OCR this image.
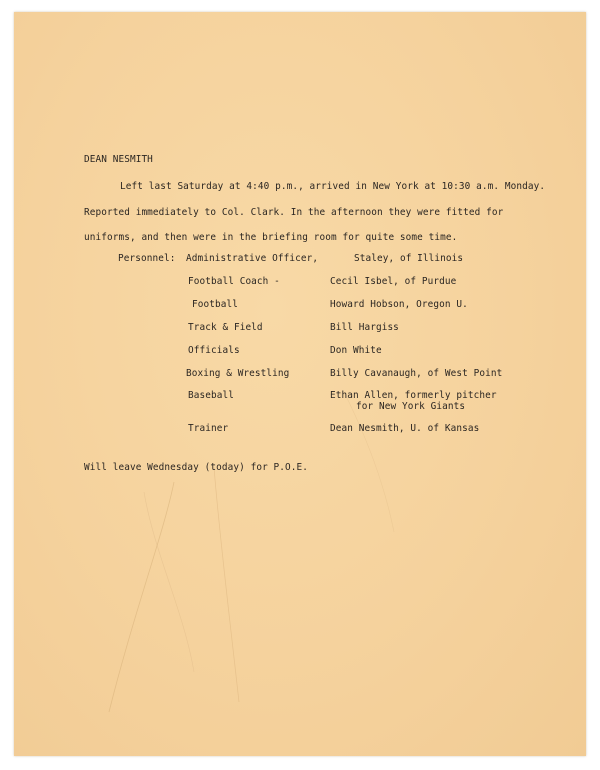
DEAN NESMITH
Left last Saturday at 4:40 p.m., arrived in New York at 10:30 a.m. Monday.
Reported immediately to Col. Clark. In the afternoon they were fitted for
uniforms, and then were in the briefing room for quite some time.
Personnel: Administrative Officer,	Staley, of Illinois
Football Coach -	Cecil Isbel, of Purdue
Football	Howard Hobson, Oregon U.
Track & Field	Bill Hargiss
Officials	Don White
Boxing & Wrestling	Billy Cavanaugh, of West Point
Baseball	Ethan Allen, formerly pitcher
for New York Giants
Trainer	Dean Nesmith, U. of Kansas
Will leave Wednesday (today) for P.O.E.
